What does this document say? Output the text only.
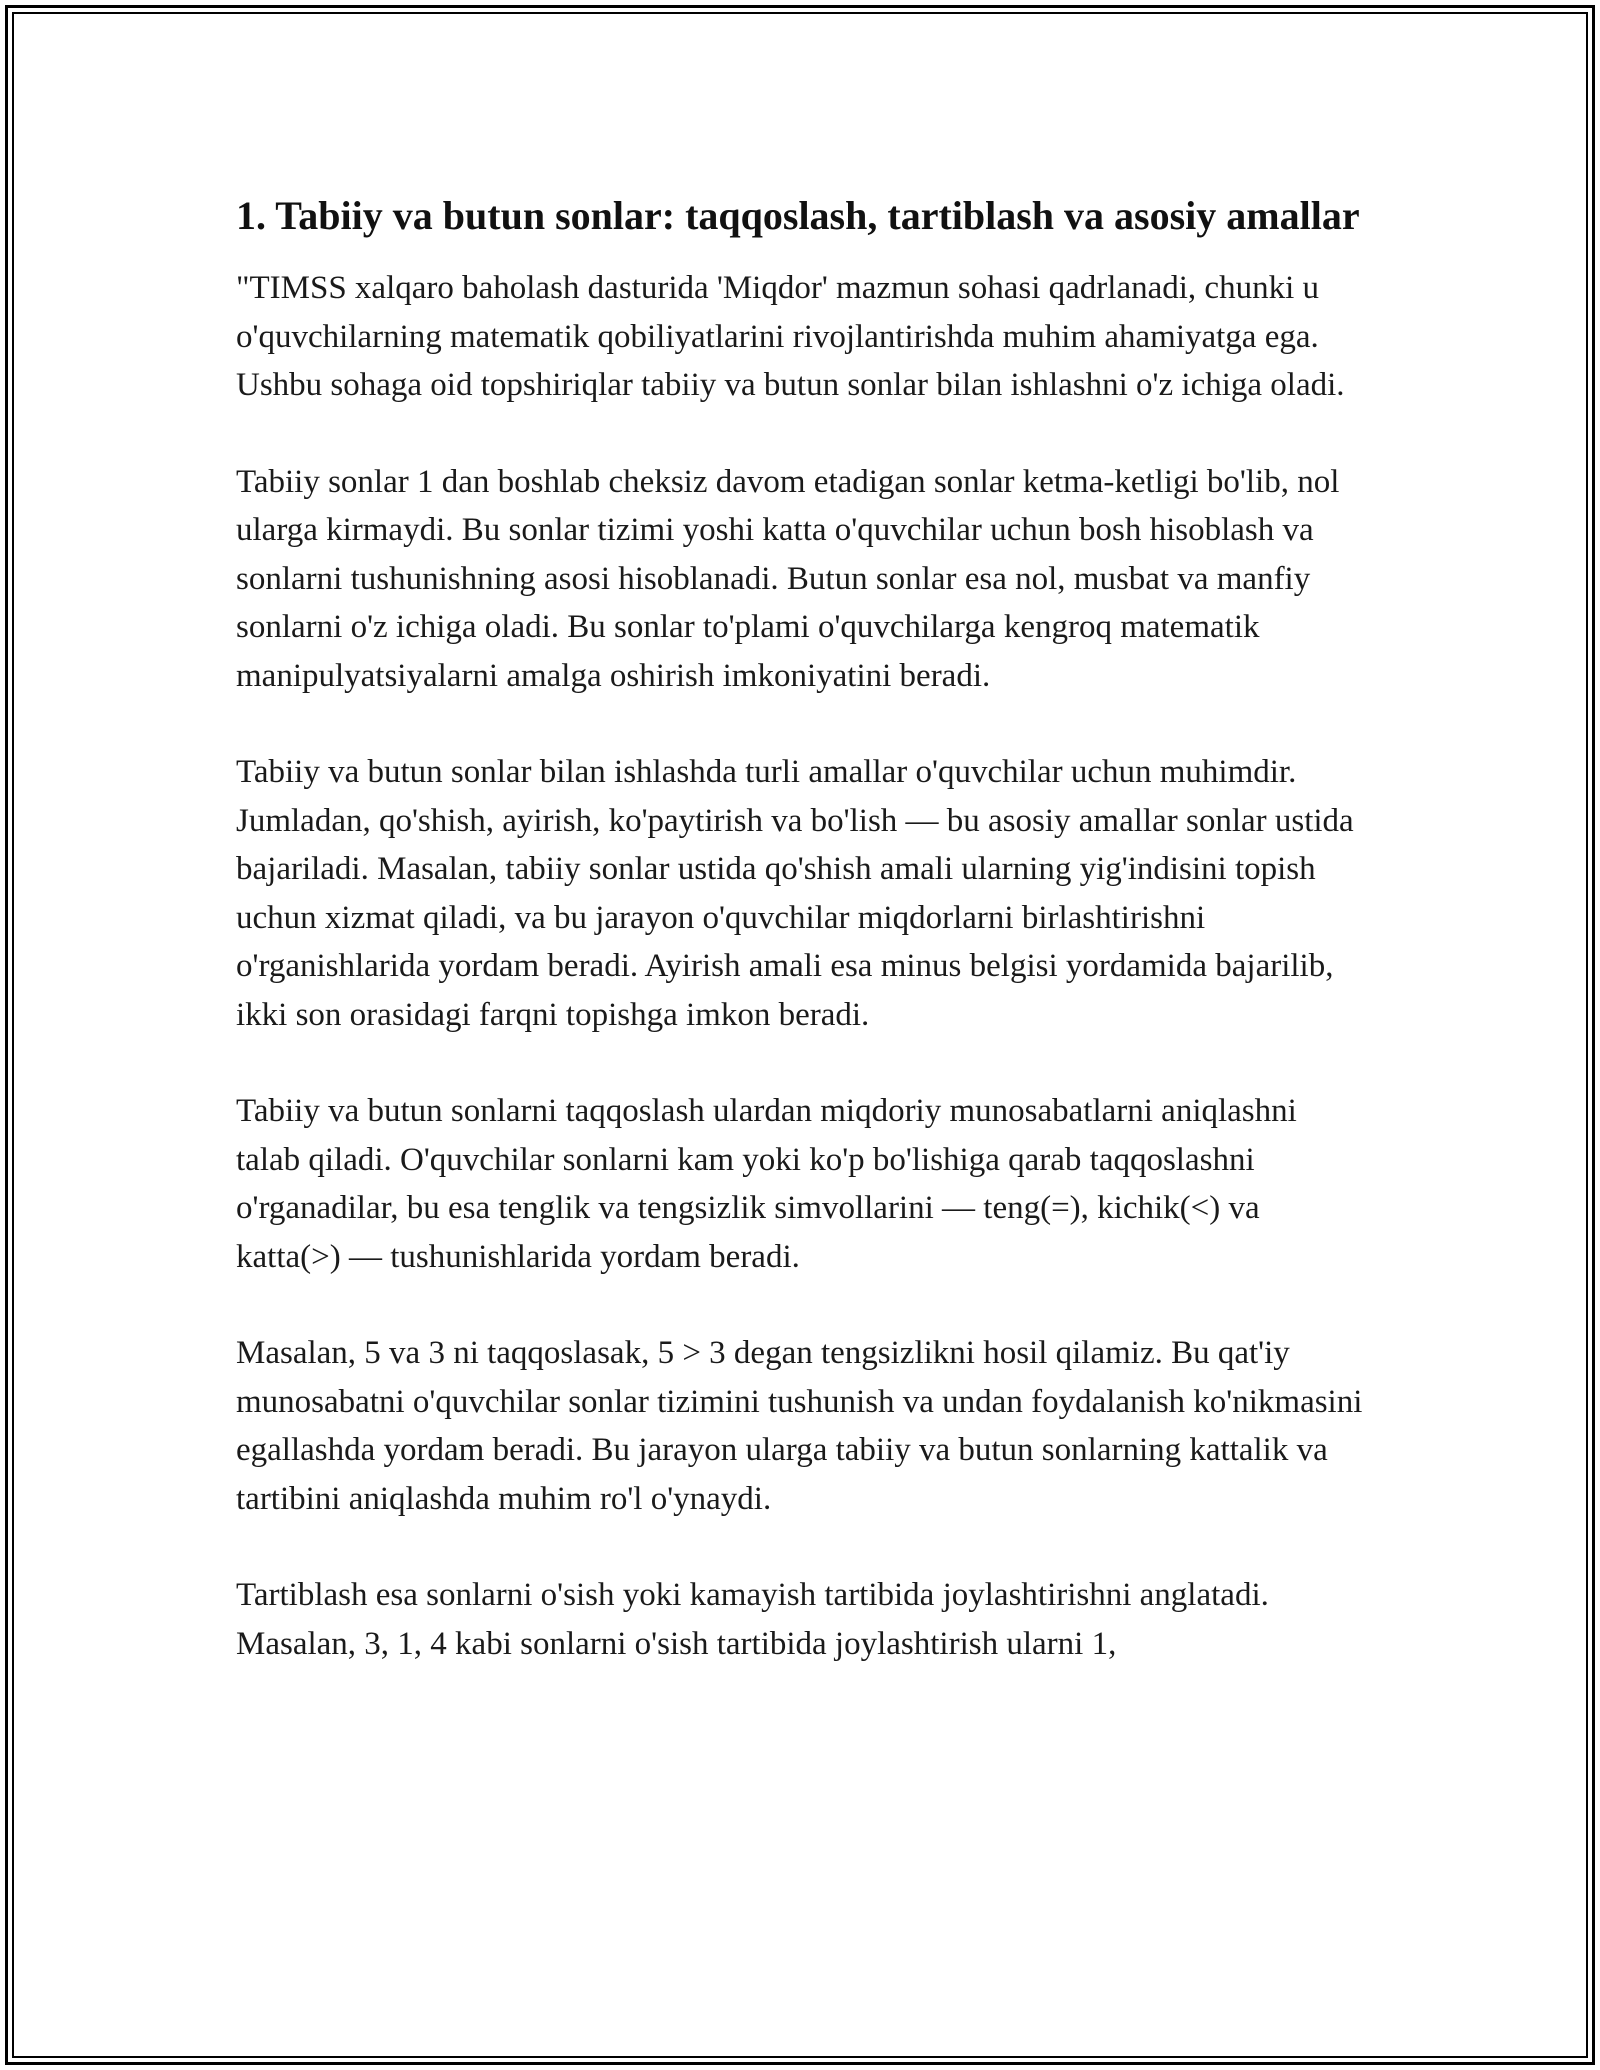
1. Tabiiy va butun sonlar: taqqoslash, tartiblash va asosiy amallar

"TIMSS xalqaro baholash dasturida 'Miqdor' mazmun sohasi qadrlanadi, chunki u o'quvchilarning matematik qobiliyatlarini rivojlantirishda muhim ahamiyatga ega. Ushbu sohaga oid topshiriqlar tabiiy va butun sonlar bilan ishlashni o'z ichiga oladi.

Tabiiy sonlar 1 dan boshlab cheksiz davom etadigan sonlar ketma-ketligi bo'lib, nol ularga kirmaydi. Bu sonlar tizimi yoshi katta o'quvchilar uchun bosh hisoblash va sonlarni tushunishning asosi hisoblanadi. Butun sonlar esa nol, musbat va manfiy sonlarni o'z ichiga oladi. Bu sonlar to'plami o'quvchilarga kengroq matematik manipulyatsiyalarni amalga oshirish imkoniyatini beradi.

Tabiiy va butun sonlar bilan ishlashda turli amallar o'quvchilar uchun muhimdir. Jumladan, qo'shish, ayirish, ko'paytirish va bo'lish — bu asosiy amallar sonlar ustida bajariladi. Masalan, tabiiy sonlar ustida qo'shish amali ularning yig'indisini topish uchun xizmat qiladi, va bu jarayon o'quvchilar miqdorlarni birlashtirishni o'rganishlarida yordam beradi. Ayirish amali esa minus belgisi yordamida bajarilib, ikki son orasidagi farqni topishga imkon beradi.

Tabiiy va butun sonlarni taqqoslash ulardan miqdoriy munosabatlarni aniqlashni talab qiladi. O'quvchilar sonlarni kam yoki ko'p bo'lishiga qarab taqqoslashni o'rganadilar, bu esa tenglik va tengsizlik simvollarini — teng(=), kichik(<) va katta(>) — tushunishlarida yordam beradi.

Masalan, 5 va 3 ni taqqoslasak, 5 > 3 degan tengsizlikni hosil qilamiz. Bu qat'iy munosabatni o'quvchilar sonlar tizimini tushunish va undan foydalanish ko'nikmasini egallashda yordam beradi. Bu jarayon ularga tabiiy va butun sonlarning kattalik va tartibini aniqlashda muhim ro'l o'ynaydi.

Tartiblash esa sonlarni o'sish yoki kamayish tartibida joylashtirishni anglatadi. Masalan, 3, 1, 4 kabi sonlarni o'sish tartibida joylashtirish ularni 1,
